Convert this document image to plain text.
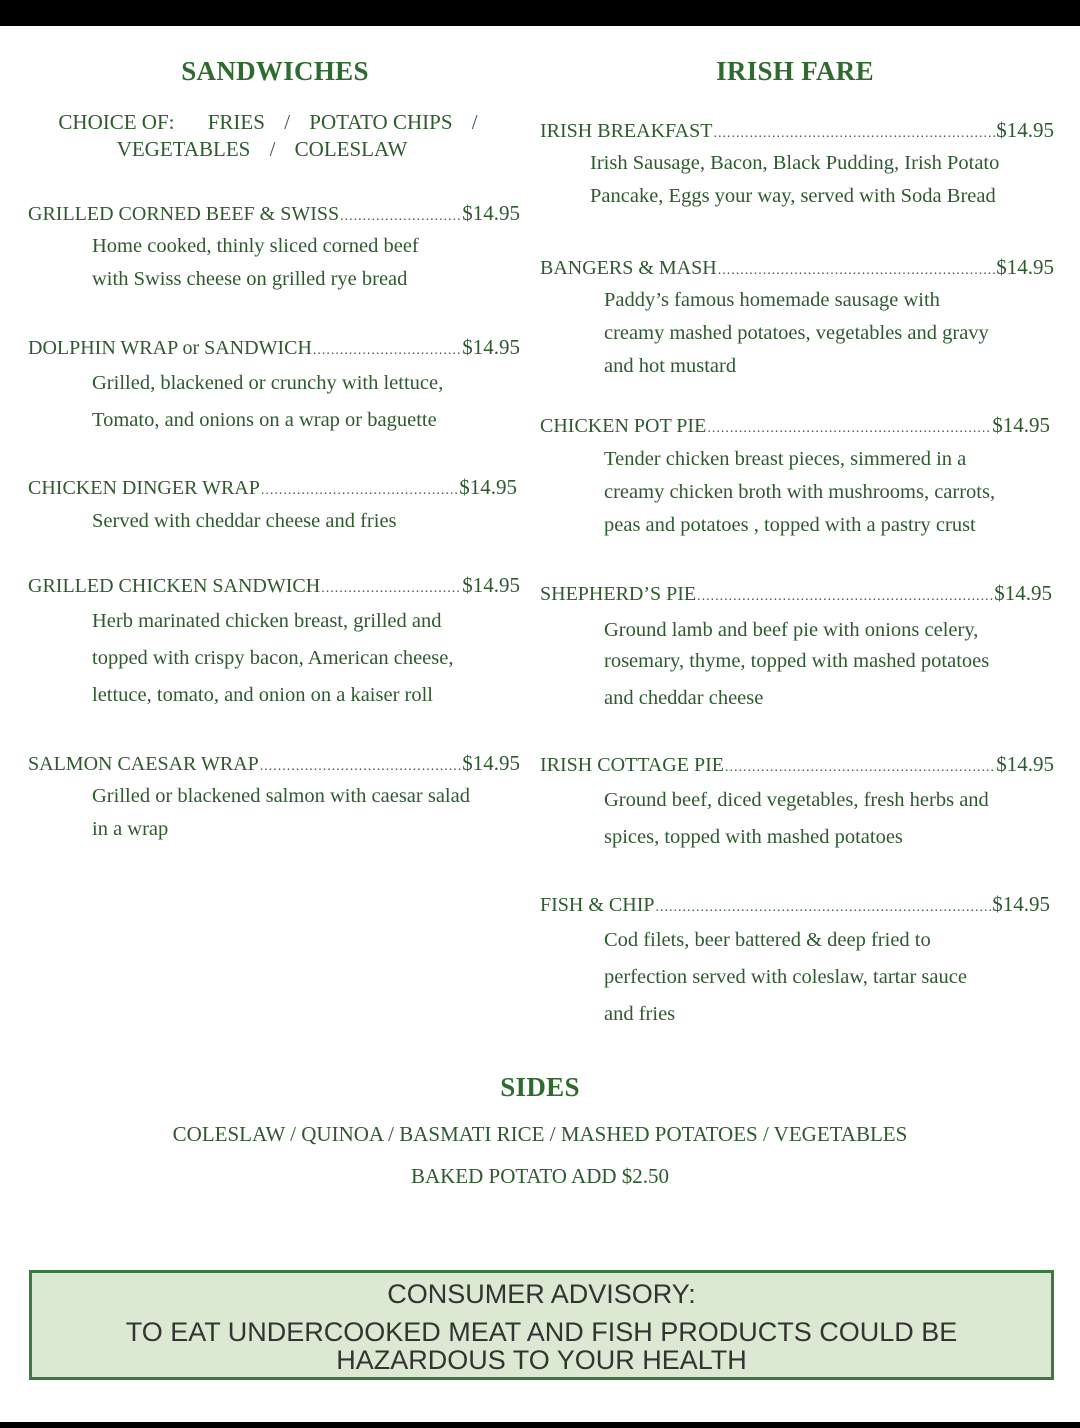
SANDWICHES	IRISH FARE
CHOICE OF: FRIES / POTATO CHIPS /
VEGETABLES / COLESLAW
GRILLED CORNED BEEF & SWISS .....	$14.95
Home cooked, thinly sliced corned beef
with Swiss cheese on grilled rye bread
DOLPHIN WRAP or SANDWICH .....	$14.95
Grilled, blackened or crunchy with lettuce,
Tomato, and onions on a wrap or baguette
CHICKEN DINGER WRAP .....	$14.95
Served with cheddar cheese and fries
GRILLED CHICKEN SANDWICH .....	$14.95
Herb marinated chicken breast, grilled and
topped with crispy bacon, American cheese,
lettuce, tomato, and onion on a kaiser roll
SALMON CAESAR WRAP .....	$14.95
Grilled or blackened salmon with caesar salad
in a wrap
IRISH BREAKFAST .....	$14.95
Irish Sausage, Bacon, Black Pudding, Irish Potato
Pancake, Eggs your way, served with Soda Bread
BANGERS & MASH .....	$14.95
Paddy’s famous homemade sausage with
creamy mashed potatoes, vegetables and gravy
and hot mustard
CHICKEN POT PIE .....	$14.95
Tender chicken breast pieces, simmered in a
creamy chicken broth with mushrooms, carrots,
peas and potatoes , topped with a pastry crust
SHEPHERD’S PIE .....	$14.95
Ground lamb and beef pie with onions celery,
rosemary, thyme, topped with mashed potatoes
and cheddar cheese
IRISH COTTAGE PIE .....	$14.95
Ground beef, diced vegetables, fresh herbs and
spices, topped with mashed potatoes
FISH & CHIP .....	$14.95
Cod filets, beer battered & deep fried to
perfection served with coleslaw, tartar sauce
and fries
SIDES
COLESLAW / QUINOA / BASMATI RICE / MASHED POTATOES / VEGETABLES
BAKED POTATO ADD $2.50
CONSUMER ADVISORY:
TO EAT UNDERCOOKED MEAT AND FISH PRODUCTS COULD BE
HAZARDOUS TO YOUR HEALTH
